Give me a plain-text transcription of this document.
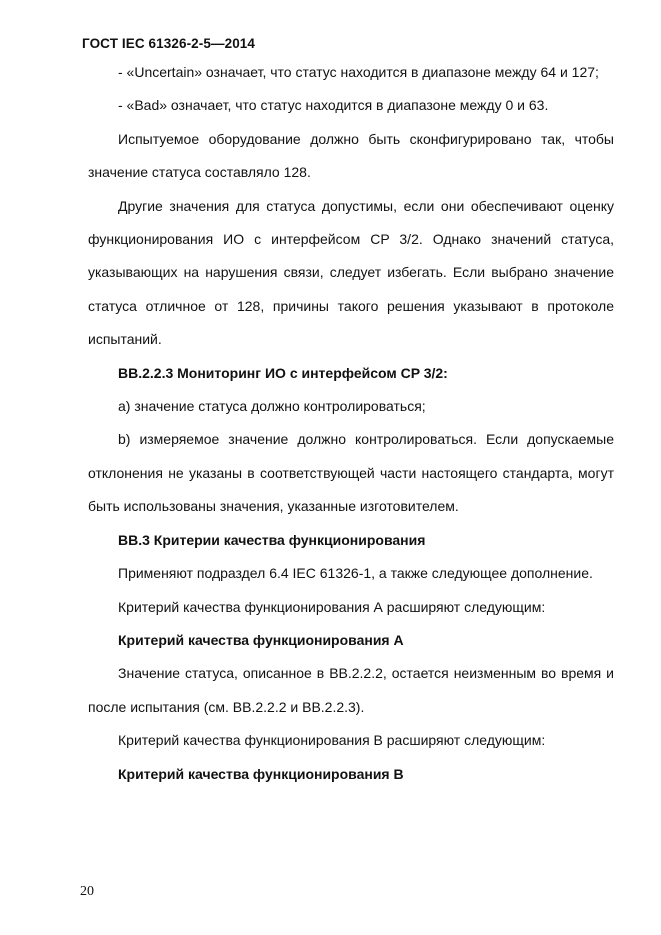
ГОСТ IEC 61326-2-5—2014

- «Uncertain» означает, что статус находится в диапазоне между 64 и 127;

- «Bad» означает, что статус находится в диапазоне между 0 и 63.

Испытуемое оборудование должно быть сконфигурировано так, чтобы значение статуса составляло 128.

Другие значения для статуса допустимы, если они обеспечивают оценку функционирования ИО с интерфейсом CP 3/2. Однако значений статуса, указывающих на нарушения связи, следует избегать. Если выбрано значение статуса отличное от 128, причины такого решения указывают в протоколе испытаний.

BB.2.2.3 Мониторинг ИО с интерфейсом CP 3/2:

a) значение статуса должно контролироваться;

b) измеряемое значение должно контролироваться. Если допускаемые отклонения не указаны в соответствующей части настоящего стандарта, могут быть использованы значения, указанные изготовителем.

BB.3 Критерии качества функционирования

Применяют подраздел 6.4 IEC 61326-1, а также следующее дополнение.

Критерий качества функционирования А расширяют следующим:

Критерий качества функционирования А

Значение статуса, описанное в BB.2.2.2, остается неизменным во время и после испытания (см. BB.2.2.2 и BB.2.2.3).

Критерий качества функционирования В расширяют следующим:

Критерий качества функционирования В

20
